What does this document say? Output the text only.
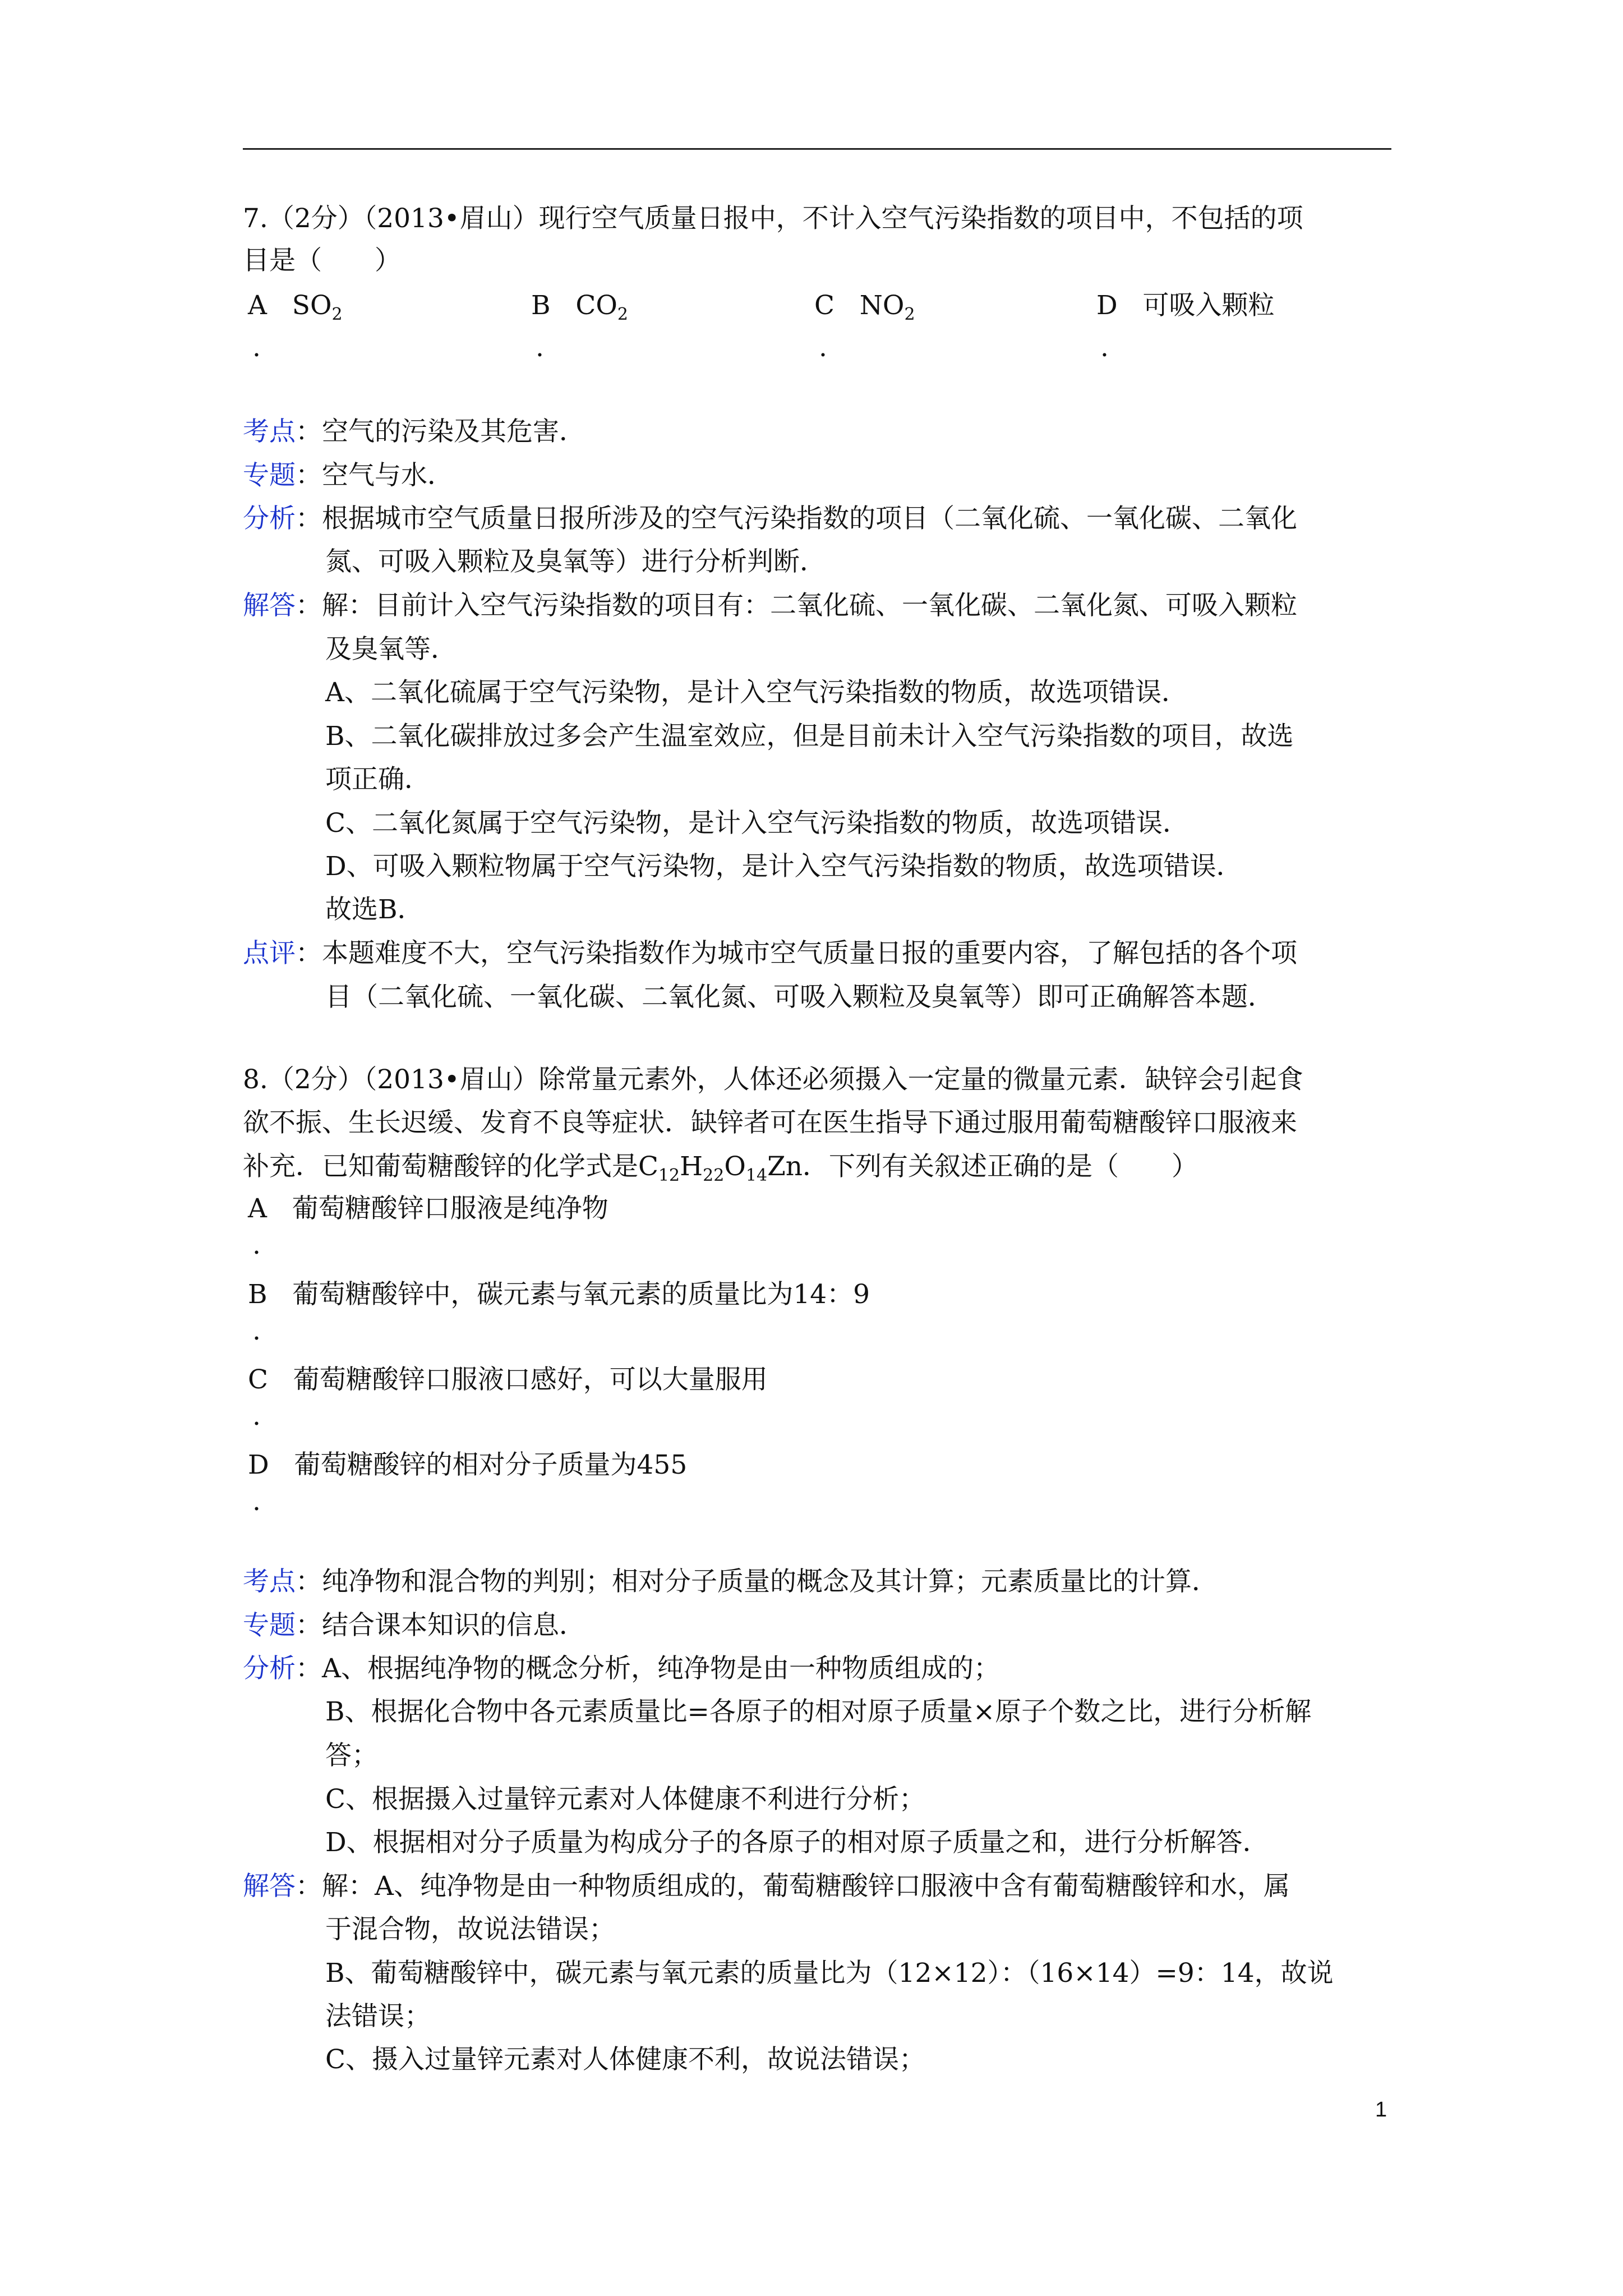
7.（2分）（2013•眉山）现行空气质量日报中，不计入空气污染指数的项目中，不包括的项
目是（　　）
A $SO_2$
.
B $CO_2$
.
C $NO_2$
.
D 可吸入颗粒
.
考点：空气的污染及其危害．
专题：空气与水．
分析：根据城市空气质量日报所涉及的空气污染指数的项目（二氧化硫、一氧化碳、二氧化
氮、可吸入颗粒及臭氧等）进行分析判断．
解答：解：目前计入空气污染指数的项目有：二氧化硫、一氧化碳、二氧化氮、可吸入颗粒
及臭氧等．
A、二氧化硫属于空气污染物，是计入空气污染指数的物质，故选项错误．
B、二氧化碳排放过多会产生温室效应，但是目前未计入空气污染指数的项目，故选
项正确．
C、二氧化氮属于空气污染物，是计入空气污染指数的物质，故选项错误．
D、可吸入颗粒物属于空气污染物，是计入空气污染指数的物质，故选项错误．
故选B．
点评：本题难度不大，空气污染指数作为城市空气质量日报的重要内容，了解包括的各个项
目（二氧化硫、一氧化碳、二氧化氮、可吸入颗粒及臭氧等）即可正确解答本题．
8.（2分）（2013•眉山）除常量元素外，人体还必须摄入一定量的微量元素．缺锌会引起食
欲不振、生长迟缓、发育不良等症状．缺锌者可在医生指导下通过服用葡萄糖酸锌口服液来
补充．已知葡萄糖酸锌的化学式是$C_{12}H_{22}O_{14}Zn$．下列有关叙述正确的是（　　）
A 葡萄糖酸锌口服液是纯净物
.
B 葡萄糖酸锌中，碳元素与氧元素的质量比为14：9
.
C 葡萄糖酸锌口服液口感好，可以大量服用
.
D 葡萄糖酸锌的相对分子质量为455
.
考点：纯净物和混合物的判别；相对分子质量的概念及其计算；元素质量比的计算．
专题：结合课本知识的信息．
分析：A、根据纯净物的概念分析，纯净物是由一种物质组成的；
B、根据化合物中各元素质量比=各原子的相对原子质量×原子个数之比，进行分析解
答；
C、根据摄入过量锌元素对人体健康不利进行分析；
D、根据相对分子质量为构成分子的各原子的相对原子质量之和，进行分析解答．
解答：解：A、纯净物是由一种物质组成的，葡萄糖酸锌口服液中含有葡萄糖酸锌和水，属
于混合物，故说法错误；
B、葡萄糖酸锌中，碳元素与氧元素的质量比为（12×12）：（16×14）=9：14，故说
法错误；
C、摄入过量锌元素对人体健康不利，故说法错误；
1
